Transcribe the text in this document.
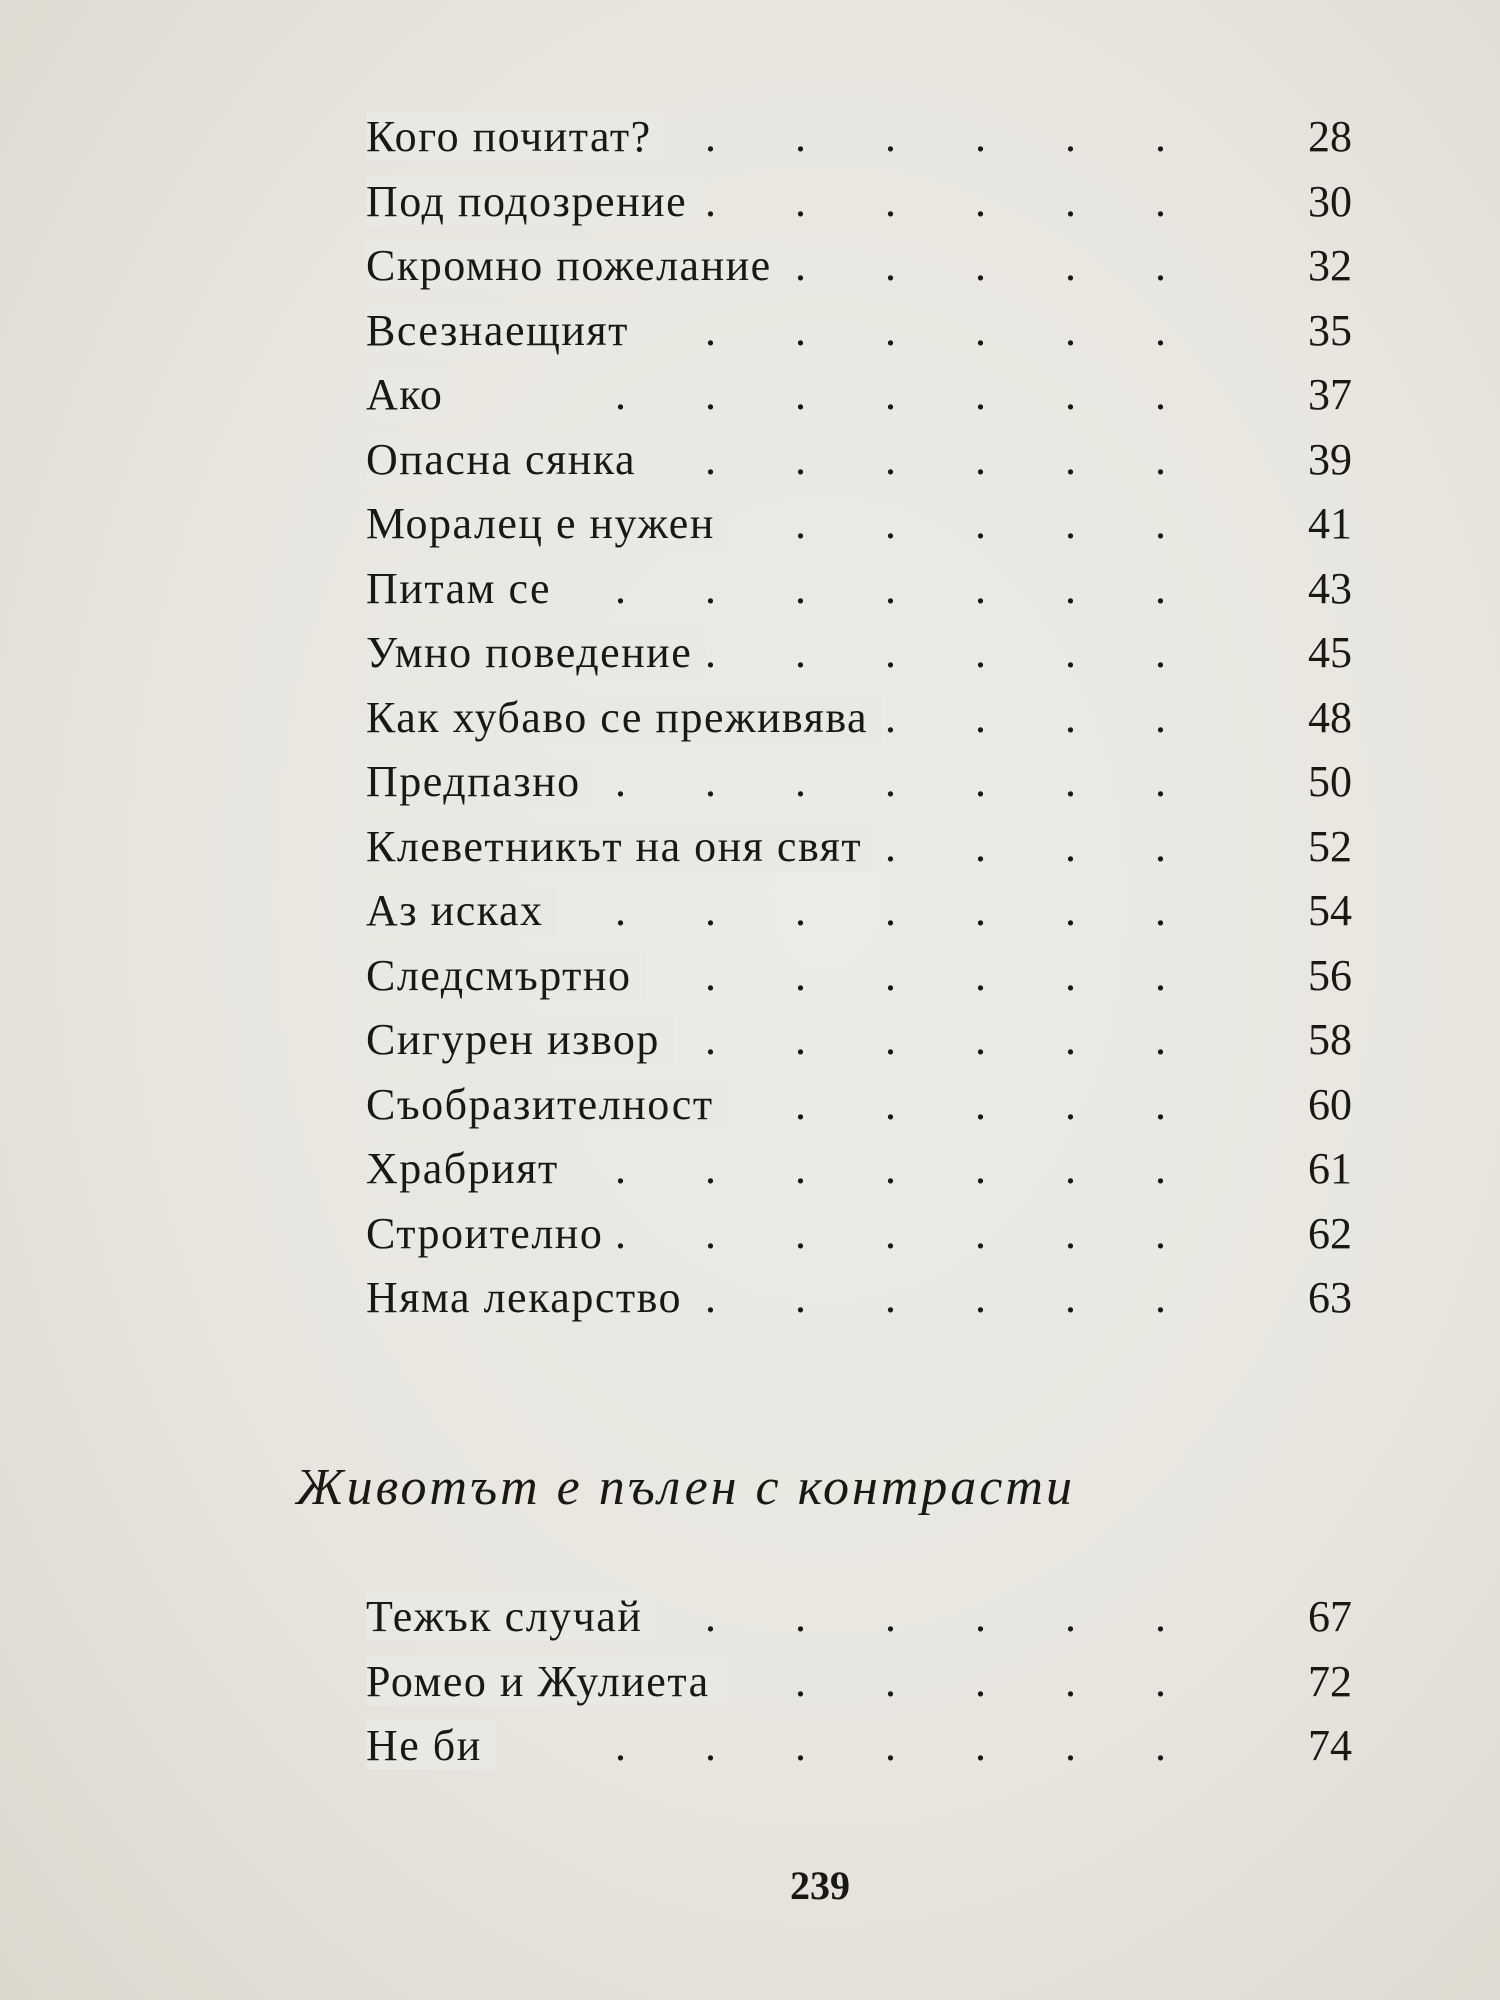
. . .
Кого почитат?	28
. . .
Под подозрение	30
. . .
Скромно пожелание	32
. . .
Всезнаещият	35
. . .
Ако	37
. . .
Опасна сянка	39
. . .
Моралец е нужен	41
. . .
Питам се	43
. . .
Умно поведение	45
. . .
Как хубаво се преживява	48
. . .
Предпазно	50
. . .
Клеветникът на оня свят	52
. . .
Аз исках	54
. . .
Следсмъртно	56
. . .
Сигурен извор	58
. . .
Съобразителност	60
. . .
Храбрият	61
. . .
Строително	62
. . .
Няма лекарство	63
Животът е пълен с контрасти
. . .
Тежък случай	67
. . .
Ромео и Жулиета	72
. . .
Не би	74
239
